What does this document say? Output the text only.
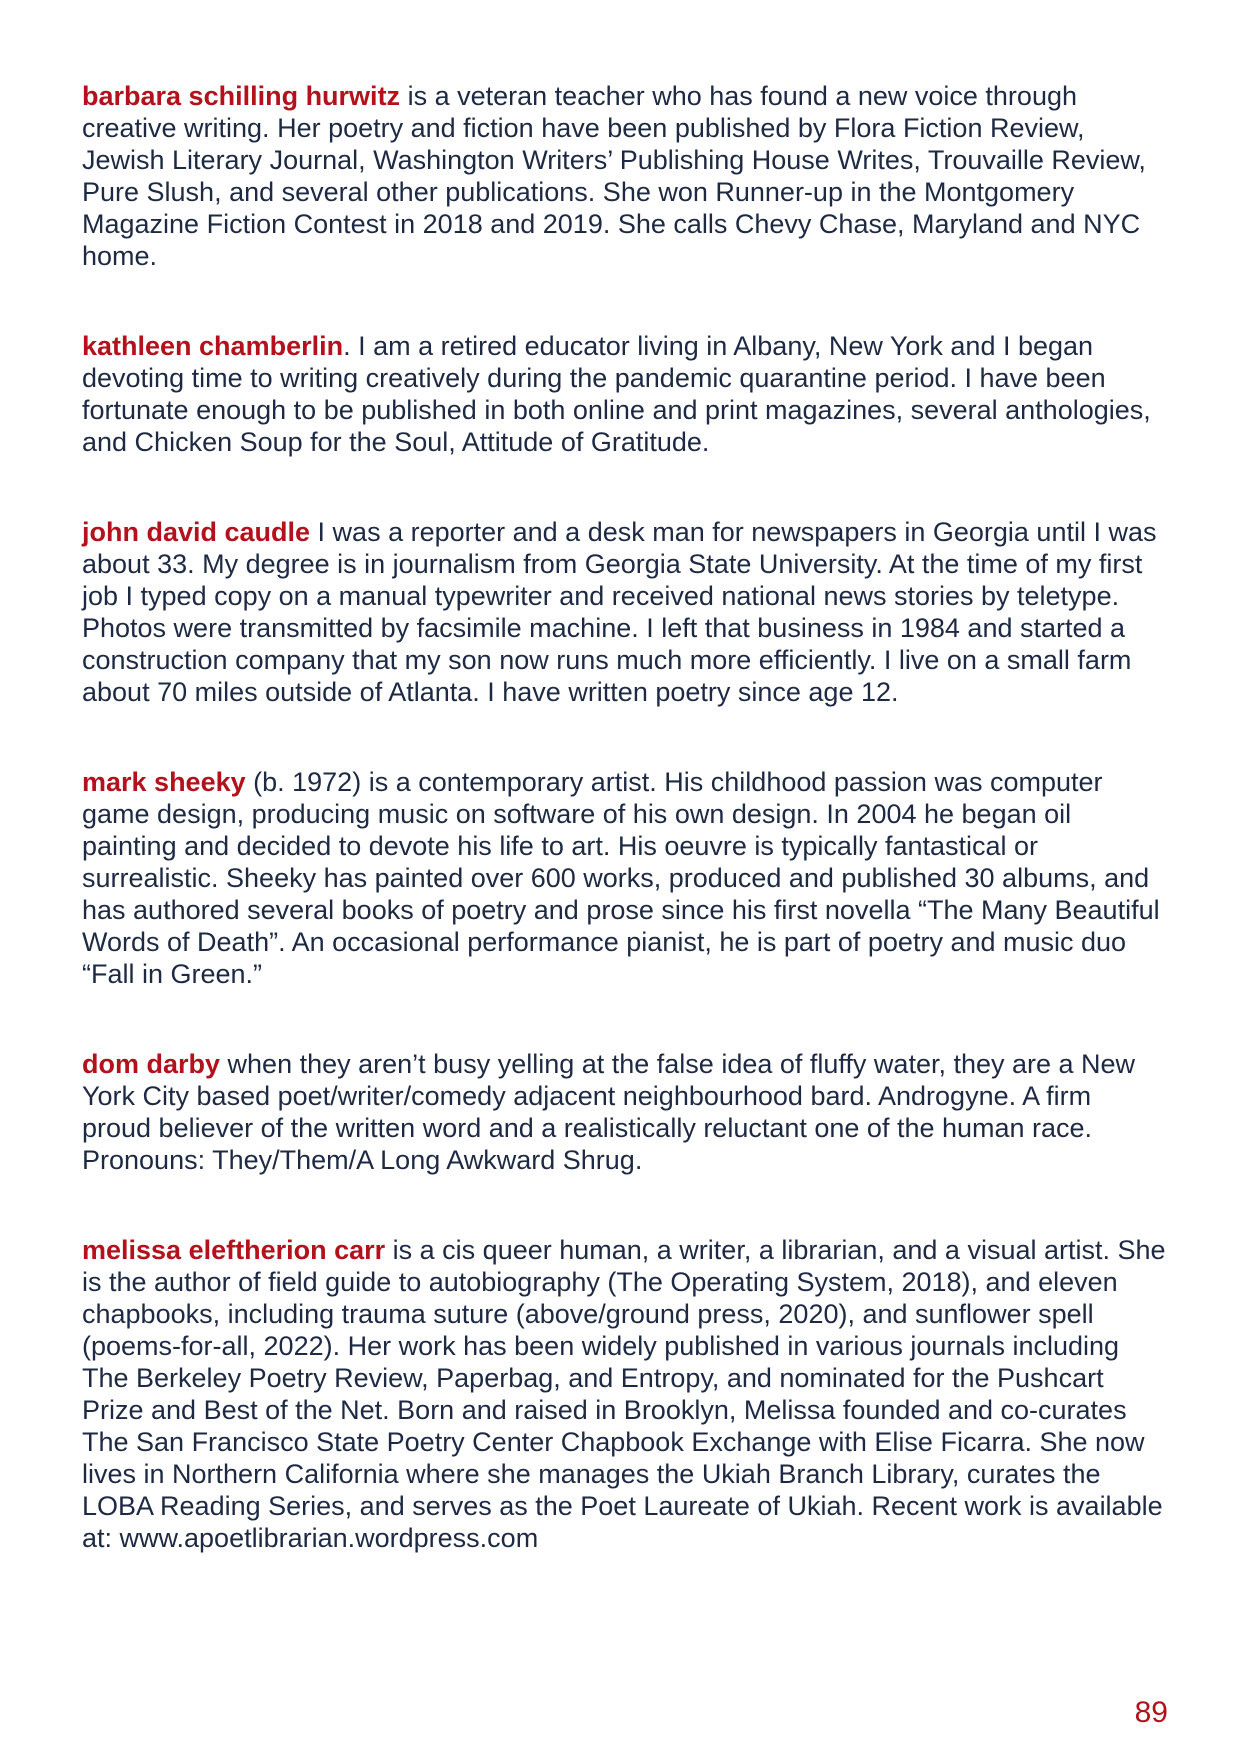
barbara schilling hurwitz is a veteran teacher who has found a new voice through creative writing. Her poetry and fiction have been published by Flora Fiction Review, Jewish Literary Journal, Washington Writers’ Publishing House Writes, Trouvaille Review, Pure Slush, and several other publications. She won Runner-up in the Montgomery Magazine Fiction Contest in 2018 and 2019. She calls Chevy Chase, Maryland and NYC home.

kathleen chamberlin. I am a retired educator living in Albany, New York and I began devoting time to writing creatively during the pandemic quarantine period. I have been fortunate enough to be published in both online and print magazines, several anthologies, and Chicken Soup for the Soul, Attitude of Gratitude.

john david caudle I was a reporter and a desk man for newspapers in Georgia until I was about 33. My degree is in journalism from Georgia State University. At the time of my first job I typed copy on a manual typewriter and received national news stories by teletype. Photos were transmitted by facsimile machine. I left that business in 1984 and started a construction company that my son now runs much more efficiently. I live on a small farm about 70 miles outside of Atlanta. I have written poetry since age 12.

mark sheeky (b. 1972) is a contemporary artist. His childhood passion was computer game design, producing music on software of his own design. In 2004 he began oil painting and decided to devote his life to art. His oeuvre is typically fantastical or surrealistic. Sheeky has painted over 600 works, produced and published 30 albums, and has authored several books of poetry and prose since his first novella “The Many Beautiful Words of Death”. An occasional performance pianist, he is part of poetry and music duo “Fall in Green.”

dom darby when they aren’t busy yelling at the false idea of fluffy water, they are a New York City based poet/writer/comedy adjacent neighbourhood bard. Androgyne. A firm proud believer of the written word and a realistically reluctant one of the human race. Pronouns: They/Them/A Long Awkward Shrug.

melissa eleftherion carr is a cis queer human, a writer, a librarian, and a visual artist. She is the author of field guide to autobiography (The Operating System, 2018), and eleven chapbooks, including trauma suture (above/ground press, 2020), and sunflower spell (poems-for-all, 2022). Her work has been widely published in various journals including The Berkeley Poetry Review, Paperbag, and Entropy, and nominated for the Pushcart Prize and Best of the Net. Born and raised in Brooklyn, Melissa founded and co-curates The San Francisco State Poetry Center Chapbook Exchange with Elise Ficarra. She now lives in Northern California where she manages the Ukiah Branch Library, curates the LOBA Reading Series, and serves as the Poet Laureate of Ukiah. Recent work is available at: www.apoetlibrarian.wordpress.com

89
